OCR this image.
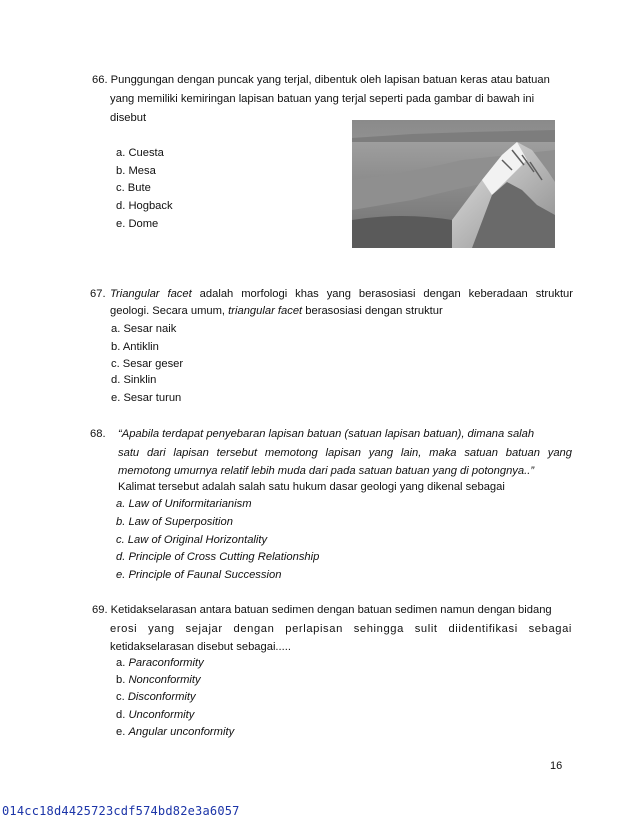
66. Punggungan dengan puncak yang terjal, dibentuk oleh lapisan batuan keras atau batuan
yang memiliki kemiringan lapisan batuan yang terjal seperti pada gambar di bawah ini
disebut
a. Cuesta
b. Mesa
c. Bute
d. Hogback
e. Dome
67. Triangular facet adalah morfologi khas yang berasosiasi dengan keberadaan struktur
geologi. Secara umum, triangular facet berasosiasi dengan struktur
a. Sesar naik
b. Antiklin
c. Sesar geser
d. Sinklin
e. Sesar turun
68. “Apabila terdapat penyebaran lapisan batuan (satuan lapisan batuan), dimana salah
satu dari lapisan tersebut memotong lapisan yang lain, maka satuan batuan yang
memotong umurnya relatif lebih muda dari pada satuan batuan yang di potongnya..”
Kalimat tersebut adalah salah satu hukum dasar geologi yang dikenal sebagai
a. Law of Uniformitarianism
b. Law of Superposition
c. Law of Original Horizontality
d. Principle of Cross Cutting Relationship
e. Principle of Faunal Succession
69. Ketidakselarasan antara batuan sedimen dengan batuan sedimen namun dengan bidang
erosi yang sejajar dengan perlapisan sehingga sulit diidentifikasi sebagai
ketidakselarasan disebut sebagai.....
a. Paraconformity
b. Nonconformity
c. Disconformity
d. Unconformity
e. Angular unconformity
16
014cc18d4425723cdf574bd82e3a6057
